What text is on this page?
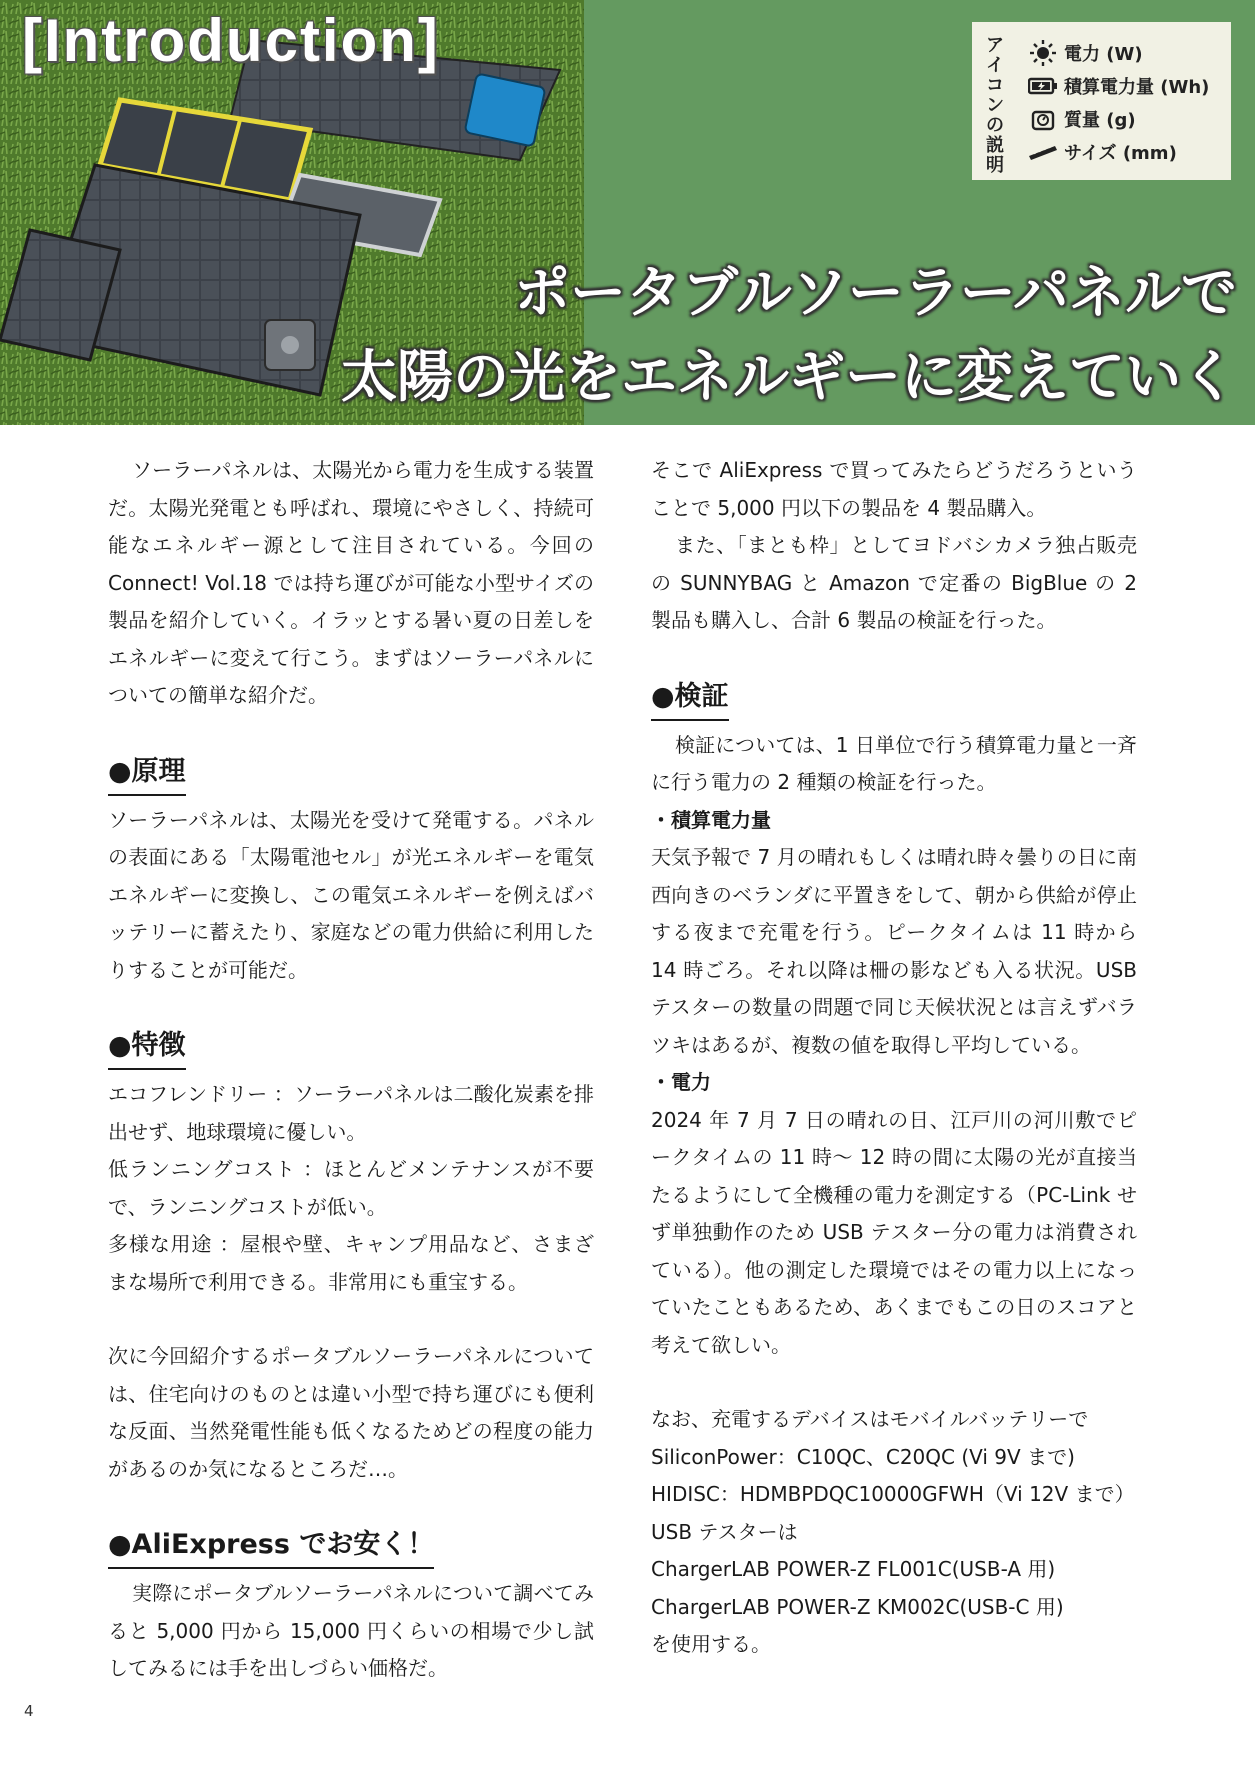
[Introduction]	アイコンの説明
電力 (W)
積算電力量 (Wh)
質量 (g)
サイズ (mm)
ポータブルソーラーパネルで
太陽の光をエネルギーに変えていく

ソーラーパネルは、太陽光から電力を生成する装置だ。太陽光発電とも呼ばれ、環境にやさしく、持続可能なエネルギー源として注目されている。今回の Connect! Vol.18 では持ち運びが可能な小型サイズの製品を紹介していく。イラッとする暑い夏の日差しをエネルギーに変えて行こう。まずはソーラーパネルについての簡単な紹介だ。

●原理

ソーラーパネルは、太陽光を受けて発電する。パネルの表面にある「太陽電池セル」が光エネルギーを電気エネルギーに変換し、この電気エネルギーを例えばバッテリーに蓄えたり、家庭などの電力供給に利用したりすることが可能だ。

●特徴

エコフレンドリー ：ソーラーパネルは二酸化炭素を排出せず、地球環境に優しい。

低ランニングコスト ：ほとんどメンテナンスが不要で、ランニングコストが低い。

多様な用途 ：屋根や壁、キャンプ用品など、さまざまな場所で利用できる。非常用にも重宝する。

次に今回紹介するポータブルソーラーパネルについては、住宅向けのものとは違い小型で持ち運びにも便利な反面、当然発電性能も低くなるためどの程度の能力があるのか気になるところだ…。

●AliExpress でお安く！

実際にポータブルソーラーパネルについて調べてみると 5,000 円から 15,000 円くらいの相場で少し試してみるには手を出しづらい価格だ。

そこで AliExpress で買ってみたらどうだろうということで 5,000 円以下の製品を 4 製品購入。

また、「まとも枠」としてヨドバシカメラ独占販売の SUNNYBAG と Amazon で定番の BigBlue の 2 製品も購入し、合計 6 製品の検証を行った。

●検証

検証については、1 日単位で行う積算電力量と一斉に行う電力の 2 種類の検証を行った。

・積算電力量

天気予報で 7 月の晴れもしくは晴れ時々曇りの日に南西向きのベランダに平置きをして、朝から供給が停止する夜まで充電を行う。ピークタイムは 11 時から 14 時ごろ。それ以降は柵の影なども入る状況。USB テスターの数量の問題で同じ天候状況とは言えずバラツキはあるが、複数の値を取得し平均している。

・電力

2024 年 7 月 7 日の晴れの日、江戸川の河川敷でピークタイムの 11 時～ 12 時の間に太陽の光が直接当たるようにして全機種の電力を測定する（PC-Link せず単独動作のため USB テスター分の電力は消費されている）。他の測定した環境ではその電力以上になっていたこともあるため、あくまでもこの日のスコアと考えて欲しい。

なお、充電するデバイスはモバイルバッテリーで

SiliconPower：C10QC、C20QC (Vi 9V まで)

HIDISC：HDMBPDQC10000GFWH（Vi 12V まで）

USB テスターは

ChargerLAB POWER-Z FL001C(USB-A 用)

ChargerLAB POWER-Z KM002C(USB-C 用)

を使用する。

4
